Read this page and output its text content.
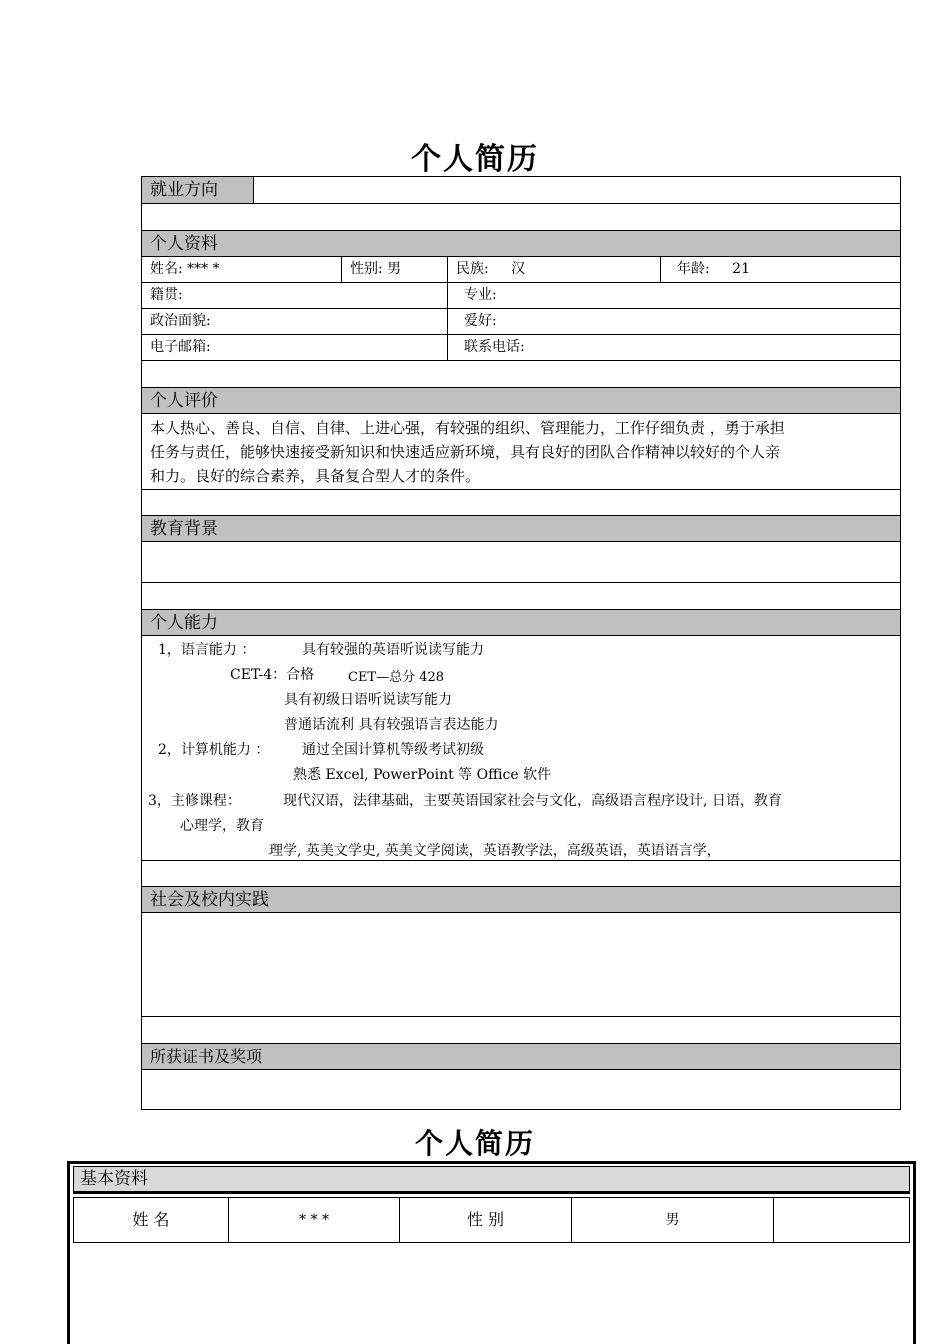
个人简历
就业方向
个人资料
姓名: *** *	性别: 男	民族: 汉	年龄: 21
籍贯:	专业:
政治面貌:	爱好:
电子邮箱:	联系电话:
个人评价
本人热心、善良、自信、自律、上进心强，有较强的组织、管理能力，工作仔细负责 ，勇于承担
任务与责任，能够快速接受新知识和快速适应新环境，具有良好的团队合作精神以较好的个人亲
和力。良好的综合素养，具备复合型人才的条件。
教育背景
个人能力
1，语言能力 ：	具有较强的英语听说读写能力
CET-4：合格	CET—总分 428
具有初级日语听说读写能力
普通话流利 具有较强语言表达能力
2，计算机能力 ： 通过全国计算机等级考试初级
熟悉 Excel, PowerPoint 等 Office 软件
3，主修课程：	现代汉语，法律基础，主要英语国家社会与文化，高级语言程序设计, 日语，教育
心理学，教育
理学, 英美文学史, 英美文学阅读，英语教学法，高级英语，英语语言学，
社会及校内实践
所获证书及奖项
个人简历
基本资料
姓 名	* * *	性 别	男
